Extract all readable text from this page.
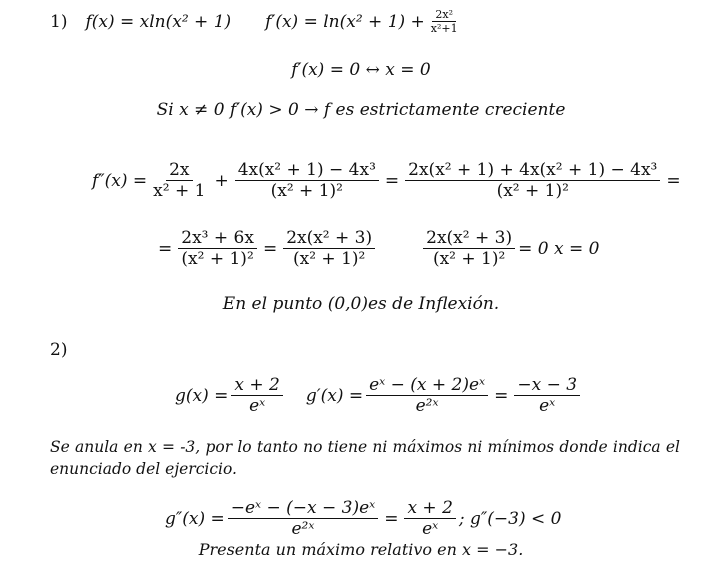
1) f(x) = xln(x² + 1) $f'(x) = \ln(x^2 + 1) + \frac{\text{2x²}}{\text{x²+1}}$
f′(x) = 0 ↔ x = 0
Si x ≠ 0 f′(x) > 0 → f es estrictamente creciente
$f''(x) = \frac{2x}{\text{x² + 1}} + \frac{\text{4x(x² + 1) − 4x³}}{\text{(x² + 1)²}} = \frac{\text{2x(x² + 1) + 4x(x² + 1) − 4x³}}{\text{(x² + 1)²}}$ =
= $\frac{\text{2x³ + 6x}}{\text{(x² + 1)²}} = \frac{\text{2x(x² + 3)}}{\text{(x² + 1)²}}$	$\frac{\text{2x(x² + 3)}}{\text{(x² + 1)²}} = 0$ x = 0
En el punto (0,0)es de Inflexión.
2)
$g(x) = \frac{x + 2}{\text{eˣ}} g'(x) = \frac{\text{eˣ − (x + 2)eˣ}}{\text{e²ˣ}} = \frac{-x - 3}{\text{eˣ}}$
Se anula en x = -3, por lo tanto no tiene ni máximos ni mínimos donde indica el enunciado del ejercicio.
$g''(x) = \frac{\text{−eˣ − (−x − 3)eˣ}}{\text{e²ˣ}} = \frac{x + 2}{\text{eˣ}}$ ; g″(−3) < 0
Presenta un máximo relativo en x = −3.
